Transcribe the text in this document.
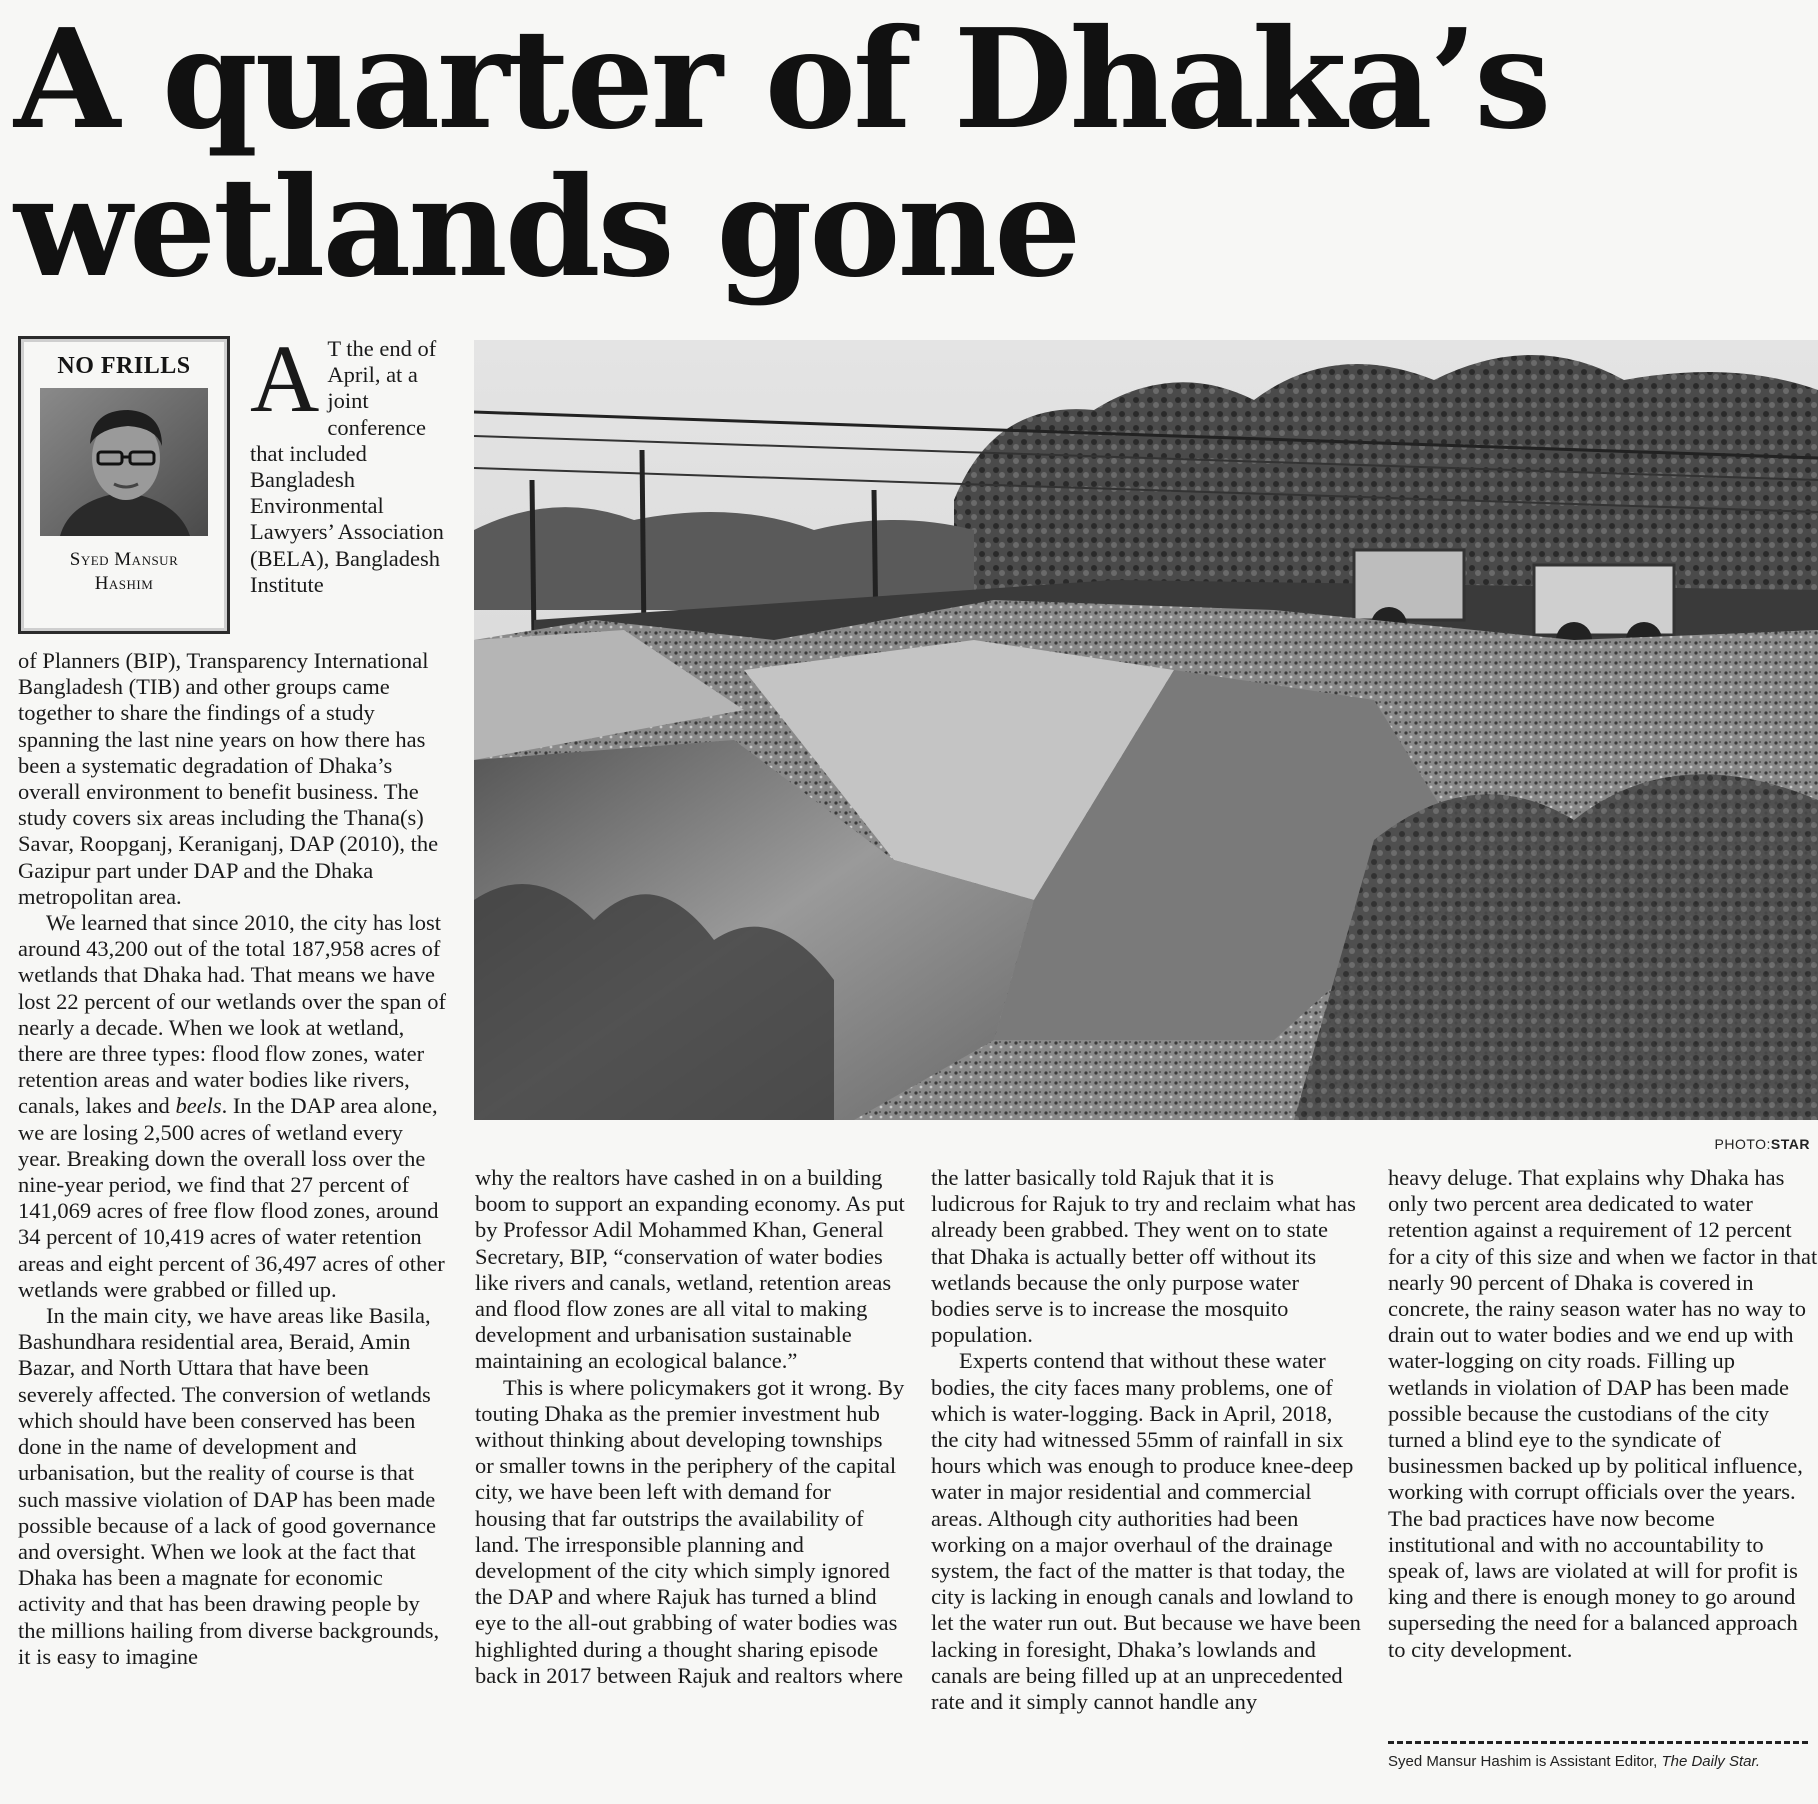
A quarter of Dhaka’s
wetlands gone
NO FRILLS
Syed Mansur
Hashim
A T the end of April, at a joint conference that included Bangladesh Environmental Lawyers’ Association (BELA), Bangladesh Institute
PHOTO:STAR

of Planners (BIP), Transparency International Bangladesh (TIB) and other groups came together to share the findings of a study spanning the last nine years on how there has been a systematic degradation of Dhaka’s overall environment to benefit business. The study covers six areas including the Thana(s) Savar, Roopganj, Keraniganj, DAP (2010), the Gazipur part under DAP and the Dhaka metropolitan area.

We learned that since 2010, the city has lost around 43,200 out of the total 187,958 acres of wetlands that Dhaka had. That means we have lost 22 percent of our wetlands over the span of nearly a decade. When we look at wetland, there are three types: flood flow zones, water retention areas and water bodies like rivers, canals, lakes and beels. In the DAP area alone, we are losing 2,500 acres of wetland every year. Breaking down the overall loss over the nine-year period, we find that 27 percent of 141,069 acres of free flow flood zones, around 34 percent of 10,419 acres of water retention areas and eight percent of 36,497 acres of other wetlands were grabbed or filled up.

In the main city, we have areas like Basila, Bashundhara residential area, Beraid, Amin Bazar, and North Uttara that have been severely affected. The conversion of wetlands which should have been conserved has been done in the name of development and urbanisation, but the reality of course is that such massive violation of DAP has been made possible because of a lack of good governance and oversight. When we look at the fact that Dhaka has been a magnate for economic activity and that has been drawing people by the millions hailing from diverse backgrounds, it is easy to imagine

why the realtors have cashed in on a building boom to support an expanding economy. As put by Professor Adil Mohammed Khan, General Secretary, BIP, “conservation of water bodies like rivers and canals, wetland, retention areas and flood flow zones are all vital to making development and urbanisation sustainable maintaining an ecological balance.”

This is where policymakers got it wrong. By touting Dhaka as the premier investment hub without thinking about developing townships or smaller towns in the periphery of the capital city, we have been left with demand for housing that far outstrips the availability of land. The irresponsible planning and development of the city which simply ignored the DAP and where Rajuk has turned a blind eye to the all-out grabbing of water bodies was highlighted during a thought sharing episode back in 2017 between Rajuk and realtors where

the latter basically told Rajuk that it is ludicrous for Rajuk to try and reclaim what has already been grabbed. They went on to state that Dhaka is actually better off without its wetlands because the only purpose water bodies serve is to increase the mosquito population.

Experts contend that without these water bodies, the city faces many problems, one of which is water-logging. Back in April, 2018, the city had witnessed 55mm of rainfall in six hours which was enough to produce knee-deep water in major residential and commercial areas. Although city authorities had been working on a major overhaul of the drainage system, the fact of the matter is that today, the city is lacking in enough canals and lowland to let the water run out. But because we have been lacking in foresight, Dhaka’s lowlands and canals are being filled up at an unprecedented rate and it simply cannot handle any

heavy deluge. That explains why Dhaka has only two percent area dedicated to water retention against a requirement of 12 percent for a city of this size and when we factor in that nearly 90 percent of Dhaka is covered in concrete, the rainy season water has no way to drain out to water bodies and we end up with water-logging on city roads. Filling up wetlands in violation of DAP has been made possible because the custodians of the city turned a blind eye to the syndicate of businessmen backed up by political influence, working with corrupt officials over the years. The bad practices have now become institutional and with no accountability to speak of, laws are violated at will for profit is king and there is enough money to go around superseding the need for a balanced approach to city development.

Syed Mansur Hashim is Assistant Editor, The Daily Star.
